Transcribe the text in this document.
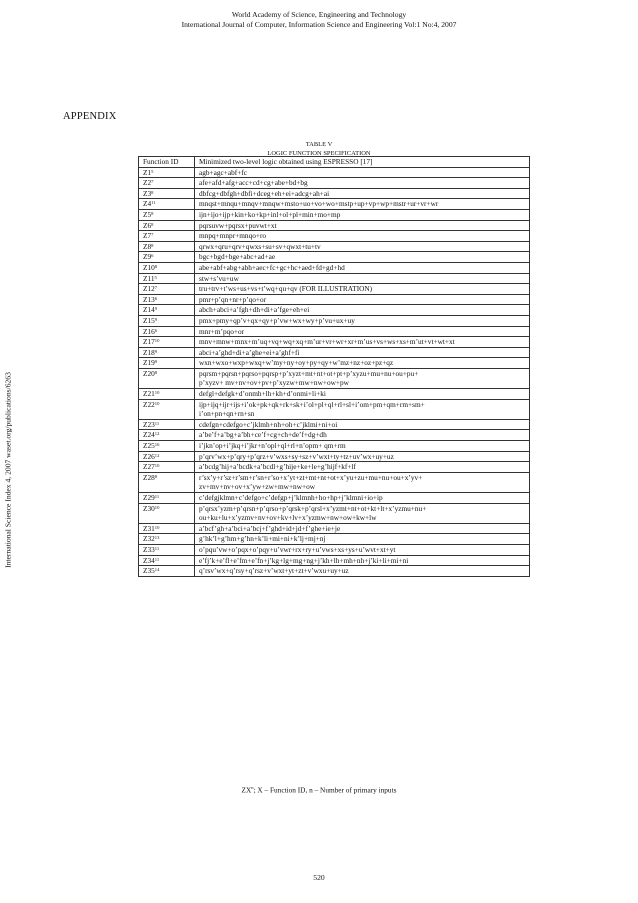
World Academy of Science, Engineering and Technology
International Journal of Computer, Information Science and Engineering Vol:1 No:4, 2007
International Science Index 4, 2007 waset.org/publications/6263
APPENDIX
TABLE V
LOGIC FUNCTION SPECIFICATION
Function ID	Minimized two-level logic obtained using ESPRESSO [17]
$Z1^5$	agb+agc+abf+fc

$Z2^7$	afe+afd+afg+acc+cd+cg+abe+bd+bg

$Z3^8$	dbfcg+dbfgh+dbfi+dceg+eh+ei+adcg+ah+ai

$Z4^{11}$	mnqst+mnqu+mnqv+mnqw+msto+uo+vo+wo+mstp+up+vp+wp+mstr+ur+vr+wr

$Z5^8$	ijn+ijo+ijp+kin+ko+kp+inl+ol+pl+min+mo+mp

$Z6^8$	pqrsuvw+pqrsx+puvwt+xt

$Z7^7$	mnpq+mnpr+mnqo+ro

$Z8^8$	qrwx+qru+qrv+qwxs+su+sv+qwxt+tu+tv

$Z9^6$	bgc+bgd+bge+abc+ad+ae

$Z10^8$	abe+abf+abg+abh+aec+fc+gc+hc+aed+fd+gd+hd

$Z11^5$	stw+s’vu+uw

$Z12^7$	tru+trv+t’ws+us+vs+t’wq+qu+qv (FOR ILLUSTRATION)

$Z13^6$	pmr+p’qn+nr+p’qo+or

$Z14^9$	abch+abci+a’fgh+dh+di+a’fge+eh+ei

$Z15^9$	pmx+pmy+qp’v+qx+qy+p’vw+wx+wy+p’vu+ux+uy

$Z16^6$	mnr+m’pqo+or

$Z17^{10}$	mnv+mnw+mnx+m’uq+vq+wq+xq+m’ur+vr+wr+xr+m’us+vs+ws+xs+m’ut+vt+wt+xt

$Z18^9$	abci+a’ghd+di+a’ghe+ei+a’ghf+fi

$Z19^9$	wxn+wxo+wxp+wxq+w’my+ny+oy+py+qy+w’mz+nz+oz+pz+qz

$Z20^8$	pqrsm+pqrsn+pqrso+pqrsp+p’xyzt+mt+nt+ot+pt+p’xyzu+mu+nu+ou+pu+
p’xyzv+ mv+nv+ov+pv+p’xyzw+mw+nw+ow+pw

$Z21^{10}$	defgl+defgk+d’onmh+lh+kh+d’onmi+li+ki

$Z22^{10}$	ijp+ijq+ijr+ijs+i’ok+pk+qk+rk+sk+i’ol+pl+ql+rl+sl+i’om+pm+qm+rm+sm+
i’on+pn+qn+rn+sn

$Z23^{11}$	cdefgn+cdefgo+c’jklmh+nh+oh+c’jklmi+ni+oi

$Z24^{12}$	a’be’f+a’bg+a’bh+ce’f+cg+ch+de’f+dg+dh

$Z25^{16}$	i’jkn’op+i’jkq+i’jkr+n’opl+ql+rl+n’opm+ qm+rm

$Z26^{12}$	p’qrv’wx+p’qry+p’qrz+v’wxs+sy+sz+v’wxt+ty+tz+uv’wx+uy+uz

$Z27^{10}$	a’bcdg’hij+a’bcdk+a’bcdl+g’hije+ke+le+g’hijf+kf+lf

$Z28^8$	r’sx’y+r’sz+r’sm+r’sn+r’so+x’yt+zt+mt+nt+ot+x’yu+zu+mu+nu+ou+x’yv+
zv+mv+nv+ov+x’yw+zw+mw+nw+ow

$Z29^{11}$	c’defgjklmn+c’defgo+c’defgp+j’klmnh+ho+hp+j’klmni+io+ip

$Z30^{10}$	p’qrsx’yzm+p’qrsn+p’qrso+p’qrsk+p’qrsl+x’yzmt+nt+ot+kt+lt+x’yzmu+nu+
ou+ku+lu+x’yzmv+nv+ov+kv+lv+x’yzmw+nw+ow+kw+lw

$Z31^{10}$	a’bcf’gh+a’bci+a’bcj+f’ghd+id+jd+f’ghe+ie+je

$Z32^{13}$	g’hk’l+g’hm+g’hn+k’li+mi+ni+k’lj+mj+nj

$Z33^{11}$	o’pqu’vw+o’pqx+o’pqy+u’vwr+rx+ry+u’vws+xs+ys+u’wvt+xt+yt

$Z34^{11}$	e’fj’k+e’fl+e’fm+e’fn+j’kg+lg+mg+ng+j’kh+lh+mh+nh+j’ki+li+mi+ni

$Z35^{14}$	q’rsv’wx+q’rsy+q’rsz+v’wxt+yt+zt+v’wxu+uy+uz
$ZX^n$; X – Function ID, n – Number of primary inputs
520
